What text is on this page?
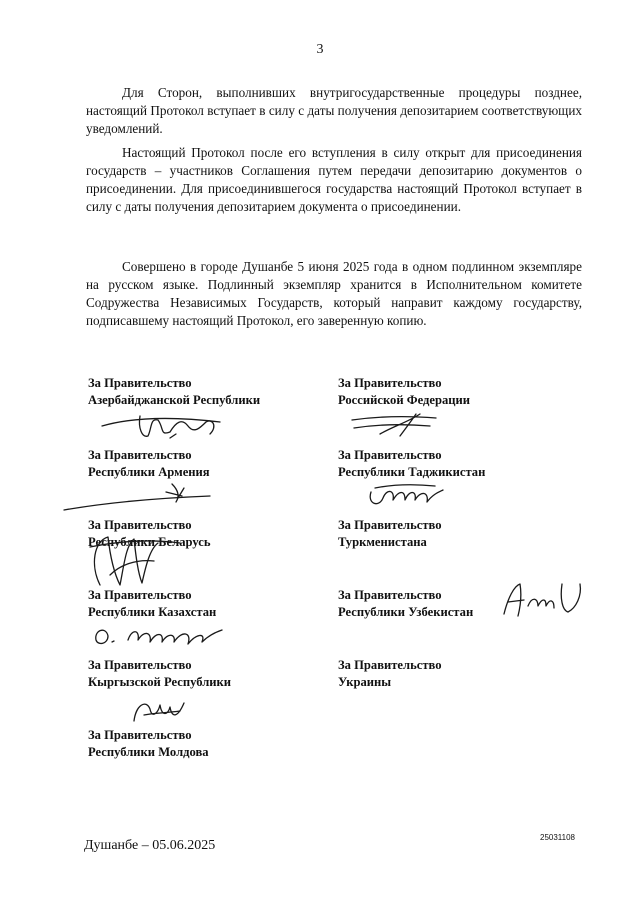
3

Для Сторон, выполнивших внутригосударственные процедуры позднее, настоящий Протокол вступает в силу с даты получения депозитарием соответствующих уведомлений.

Настоящий Протокол после его вступления в силу открыт для присоединения государств – участников Соглашения путем передачи депозитарию документов о присоединении. Для присоединившегося государства настоящий Протокол вступает в силу с даты получения депозитарием документа о присоединении.

Совершено в городе Душанбе 5 июня 2025 года в одном подлинном экземпляре на русском языке. Подлинный экземпляр хранится в Исполнительном комитете Содружества Независимых Государств, который направит каждому государству, подписавшему настоящий Протокол, его заверенную копию.

За Правительство
Азербайджанской Республики
За Правительство
Республики Армения
За Правительство
Республики Беларусь
За Правительство
Республики Казахстан
За Правительство
Кыргызской Республики
За Правительство
Республики Молдова
За Правительство
Российской Федерации
За Правительство
Республики Таджикистан
За Правительство
Туркменистана
За Правительство
Республики Узбекистан
За Правительство
Украины
Душанбе – 05.06.2025
25031108
